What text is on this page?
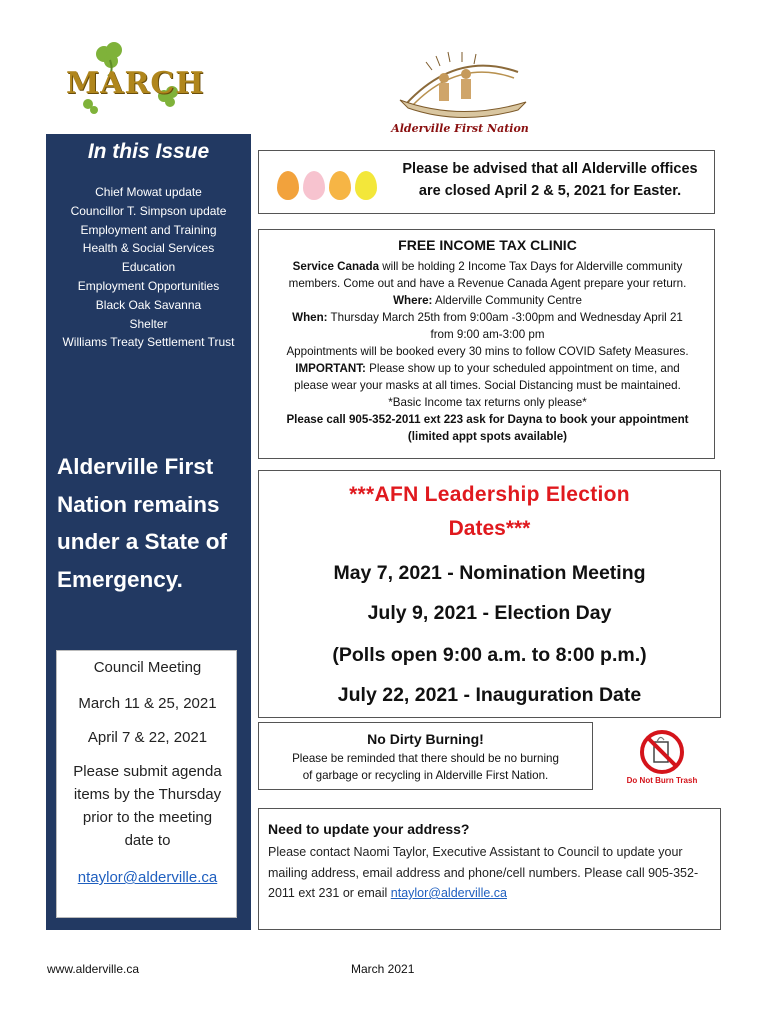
MARCH
Alderville First Nation
In this Issue
Chief Mowat update
Councillor T. Simpson update
Employment and Training
Health & Social Services
Education
Employment Opportunities
Black Oak Savanna
Shelter
Williams Treaty Settlement Trust
Alderville First
Nation remains
under a State of
Emergency.
Council Meeting
March 11 & 25, 2021
April 7 & 22, 2021
Please submit agenda
items by the Thursday
prior to the meeting
date to
ntaylor@alderville.ca
Please be advised that all Alderville offices
are closed April 2 & 5, 2021 for Easter.
FREE INCOME TAX CLINIC
Service Canada will be holding 2 Income Tax Days for Alderville community
members. Come out and have a Revenue Canada Agent prepare your return.
Where: Alderville Community Centre
When: Thursday March 25th from 9:00am -3:00pm and Wednesday April 21
from 9:00 am-3:00 pm
Appointments will be booked every 30 mins to follow COVID Safety Measures.
IMPORTANT: Please show up to your scheduled appointment on time, and
please wear your masks at all times. Social Distancing must be maintained.
*Basic Income tax returns only please*
Please call 905-352-2011 ext 223 ask for Dayna to book your appointment
(limited appt spots available)
***AFN Leadership Election
Dates***
May 7, 2021 - Nomination Meeting
July 9, 2021 - Election Day
(Polls open 9:00 a.m. to 8:00 p.m.)
July 22, 2021 - Inauguration Date
No Dirty Burning!
Please be reminded that there should be no burning
of garbage or recycling in Alderville First Nation.	Do Not Burn Trash
Need to update your address?
Please contact Naomi Taylor, Executive Assistant to Council to update your mailing address, email address and phone/cell numbers. Please call 905-352-2011 ext 231 or email ntaylor@alderville.ca
www.alderville.ca	March 2021
